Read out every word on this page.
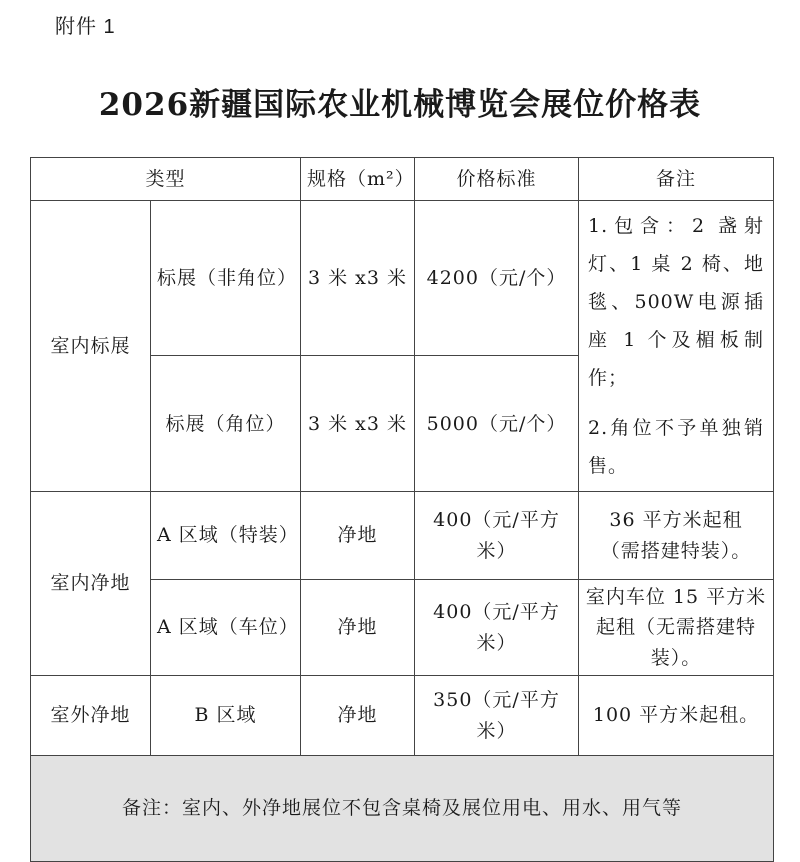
附件 1
2026新疆国际农业机械博览会展位价格表
类型		规格（m²）	价格标准	备注
室内标展	标展（非角位）	3 米 x3 米	4200（元/个）	1.包含：2 盏射灯、1 桌 2 椅、地毯、500W电源插座 1 个及楣板制作；

2.角位不予单独销售。

	标展（角位）	3 米 x3 米	5000（元/个）	
室内净地	A 区域（特装）	净地	400（元/平方米）	36 平方米起租
（需搭建特装）。

	A 区域（车位）	净地	400（元/平方米）	室内车位 15 平方米起租（无需搭建特装）。
室外净地	B 区域	净地	350（元/平方米）	100 平方米起租。
备注：室内、外净地展位不包含桌椅及展位用电、用水、用气等				
